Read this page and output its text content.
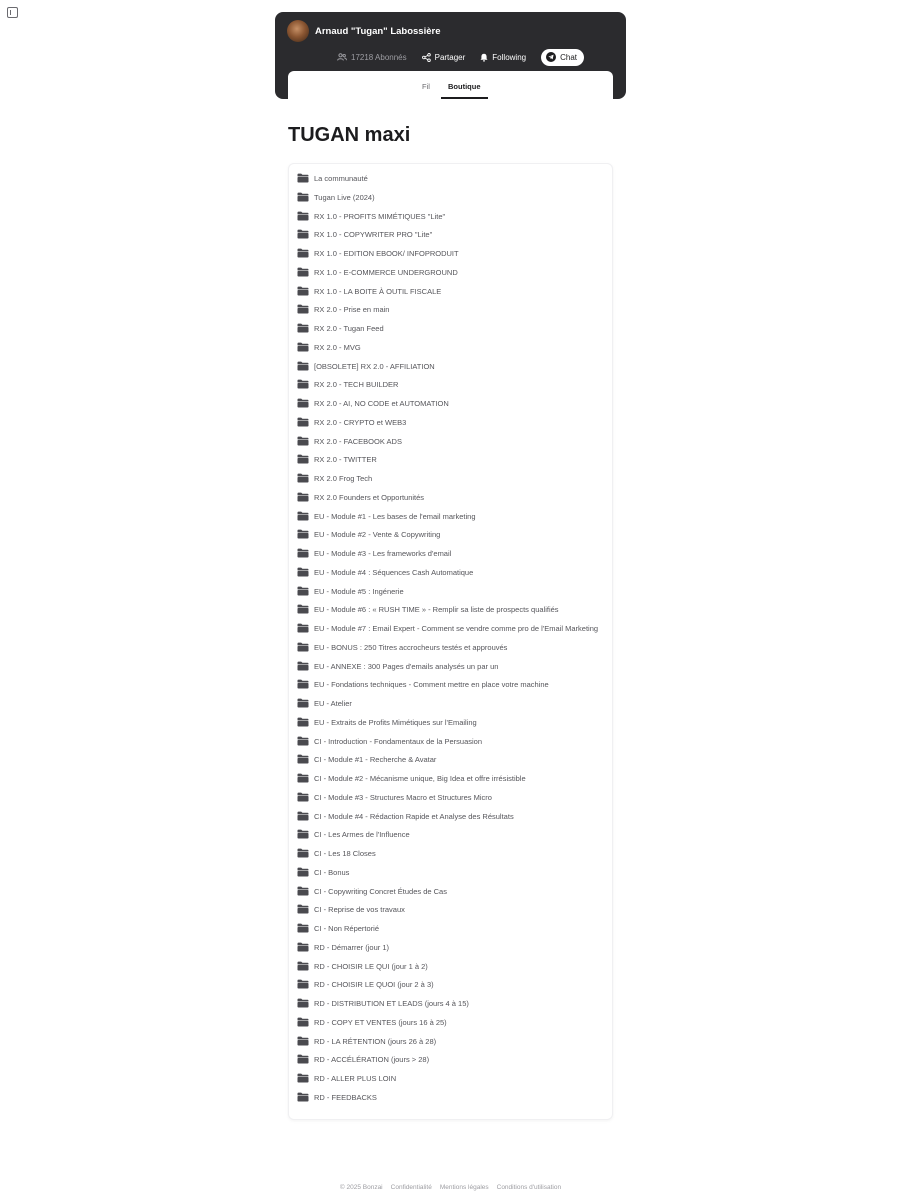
Arnaud "Tugan" Labossière
17218 Abonnés	Partager	Following	Chat
Fil Boutique
TUGAN maxi
La communauté
Tugan Live (2024)
RX 1.0 - PROFITS MIMÉTIQUES "Lite"
RX 1.0 - COPYWRITER PRO "Lite"
RX 1.0 - EDITION EBOOK/ INFOPRODUIT
RX 1.0 - E-COMMERCE UNDERGROUND
RX 1.0 - LA BOITE À OUTIL FISCALE
RX 2.0 - Prise en main
RX 2.0 - Tugan Feed
RX 2.0 - MVG
[OBSOLETE] RX 2.0 - AFFILIATION
RX 2.0 - TECH BUILDER
RX 2.0 - AI, NO CODE et AUTOMATION
RX 2.0 - CRYPTO et WEB3
RX 2.0 - FACEBOOK ADS
RX 2.0 - TWITTER
RX 2.0 Frog Tech
RX 2.0 Founders et Opportunités
EU - Module #1 - Les bases de l'email marketing
EU - Module #2 - Vente & Copywriting
EU - Module #3 - Les frameworks d'email
EU - Module #4 : Séquences Cash Automatique
EU - Module #5 : Ingénerie
EU - Module #6 : « RUSH TIME » - Remplir sa liste de prospects qualifiés
EU - Module #7 : Email Expert - Comment se vendre comme pro de l'Email Marketing
EU - BONUS : 250 Titres accrocheurs testés et approuvés
EU - ANNEXE : 300 Pages d'emails analysés un par un
EU - Fondations techniques - Comment mettre en place votre machine
EU - Atelier
EU - Extraits de Profits Mimétiques sur l'Emailing
CI - Introduction - Fondamentaux de la Persuasion
CI - Module #1 - Recherche & Avatar
CI - Module #2 - Mécanisme unique, Big Idea et offre irrésistible
CI - Module #3 - Structures Macro et Structures Micro
CI - Module #4 - Rédaction Rapide et Analyse des Résultats
CI - Les Armes de l'Influence
CI - Les 18 Closes
CI - Bonus
CI - Copywriting Concret Études de Cas
CI - Reprise de vos travaux
CI - Non Répertorié
RD - Démarrer (jour 1)
RD - CHOISIR LE QUI (jour 1 à 2)
RD - CHOISIR LE QUOI (jour 2 à 3)
RD - DISTRIBUTION ET LEADS (jours 4 à 15)
RD - COPY ET VENTES (jours 16 à 25)
RD - LA RÉTENTION (jours 26 à 28)
RD - ACCÉLÉRATION (jours > 28)
RD - ALLER PLUS LOIN
RD - FEEDBACKS
© 2025 Bonzai Confidentialité Mentions légales Conditions d'utilisation
